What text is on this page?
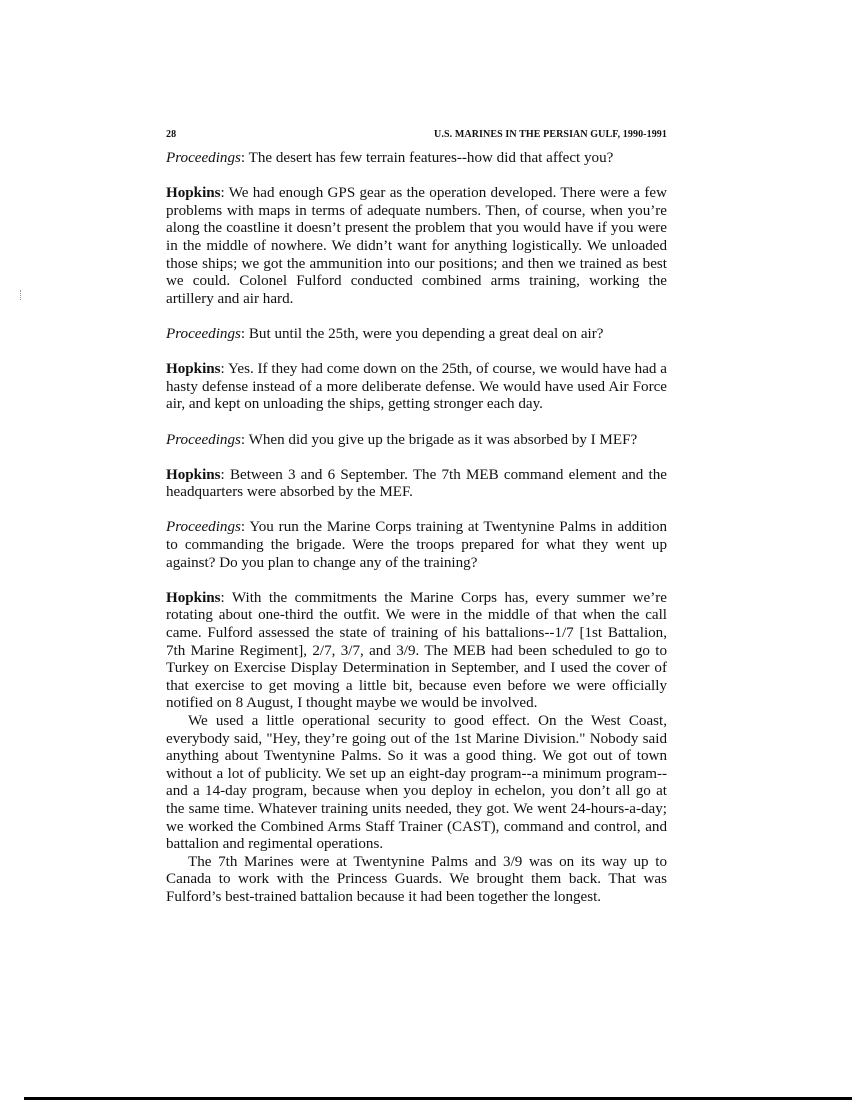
28	U.S. MARINES IN THE PERSIAN GULF, 1990-1991

Proceedings: The desert has few terrain features--how did that affect you?

Hopkins: We had enough GPS gear as the operation developed. There were a few problems with maps in terms of adequate numbers. Then, of course, when you’re along the coastline it doesn’t present the problem that you would have if you were in the middle of nowhere. We didn’t want for anything logistically. We unloaded those ships; we got the ammunition into our positions; and then we trained as best we could. Colonel Fulford conducted combined arms training, working the artillery and air hard.

Proceedings: But until the 25th, were you depending a great deal on air?

Hopkins: Yes. If they had come down on the 25th, of course, we would have had a hasty defense instead of a more deliberate defense. We would have used Air Force air, and kept on unloading the ships, getting stronger each day.

Proceedings: When did you give up the brigade as it was absorbed by I MEF?

Hopkins: Between 3 and 6 September. The 7th MEB command element and the headquarters were absorbed by the MEF.

Proceedings: You run the Marine Corps training at Twentynine Palms in addition to commanding the brigade. Were the troops prepared for what they went up against? Do you plan to change any of the training?

Hopkins: With the commitments the Marine Corps has, every summer we’re rotating about one-third the outfit. We were in the middle of that when the call came. Fulford assessed the state of training of his battalions--1/7 [1st Battalion, 7th Marine Regiment], 2/7, 3/7, and 3/9. The MEB had been scheduled to go to Turkey on Exercise Display Determination in September, and I used the cover of that exercise to get moving a little bit, because even before we were officially notified on 8 August, I thought maybe we would be involved.

We used a little operational security to good effect. On the West Coast, everybody said, "Hey, they’re going out of the 1st Marine Division." Nobody said anything about Twentynine Palms. So it was a good thing. We got out of town without a lot of publicity. We set up an eight-day program--a minimum program--and a 14-day program, because when you deploy in echelon, you don’t all go at the same time. Whatever training units needed, they got. We went 24-hours-a-day; we worked the Combined Arms Staff Trainer (CAST), command and control, and battalion and regimental operations.

The 7th Marines were at Twentynine Palms and 3/9 was on its way up to Canada to work with the Princess Guards. We brought them back. That was Fulford’s best-trained battalion because it had been together the longest.
